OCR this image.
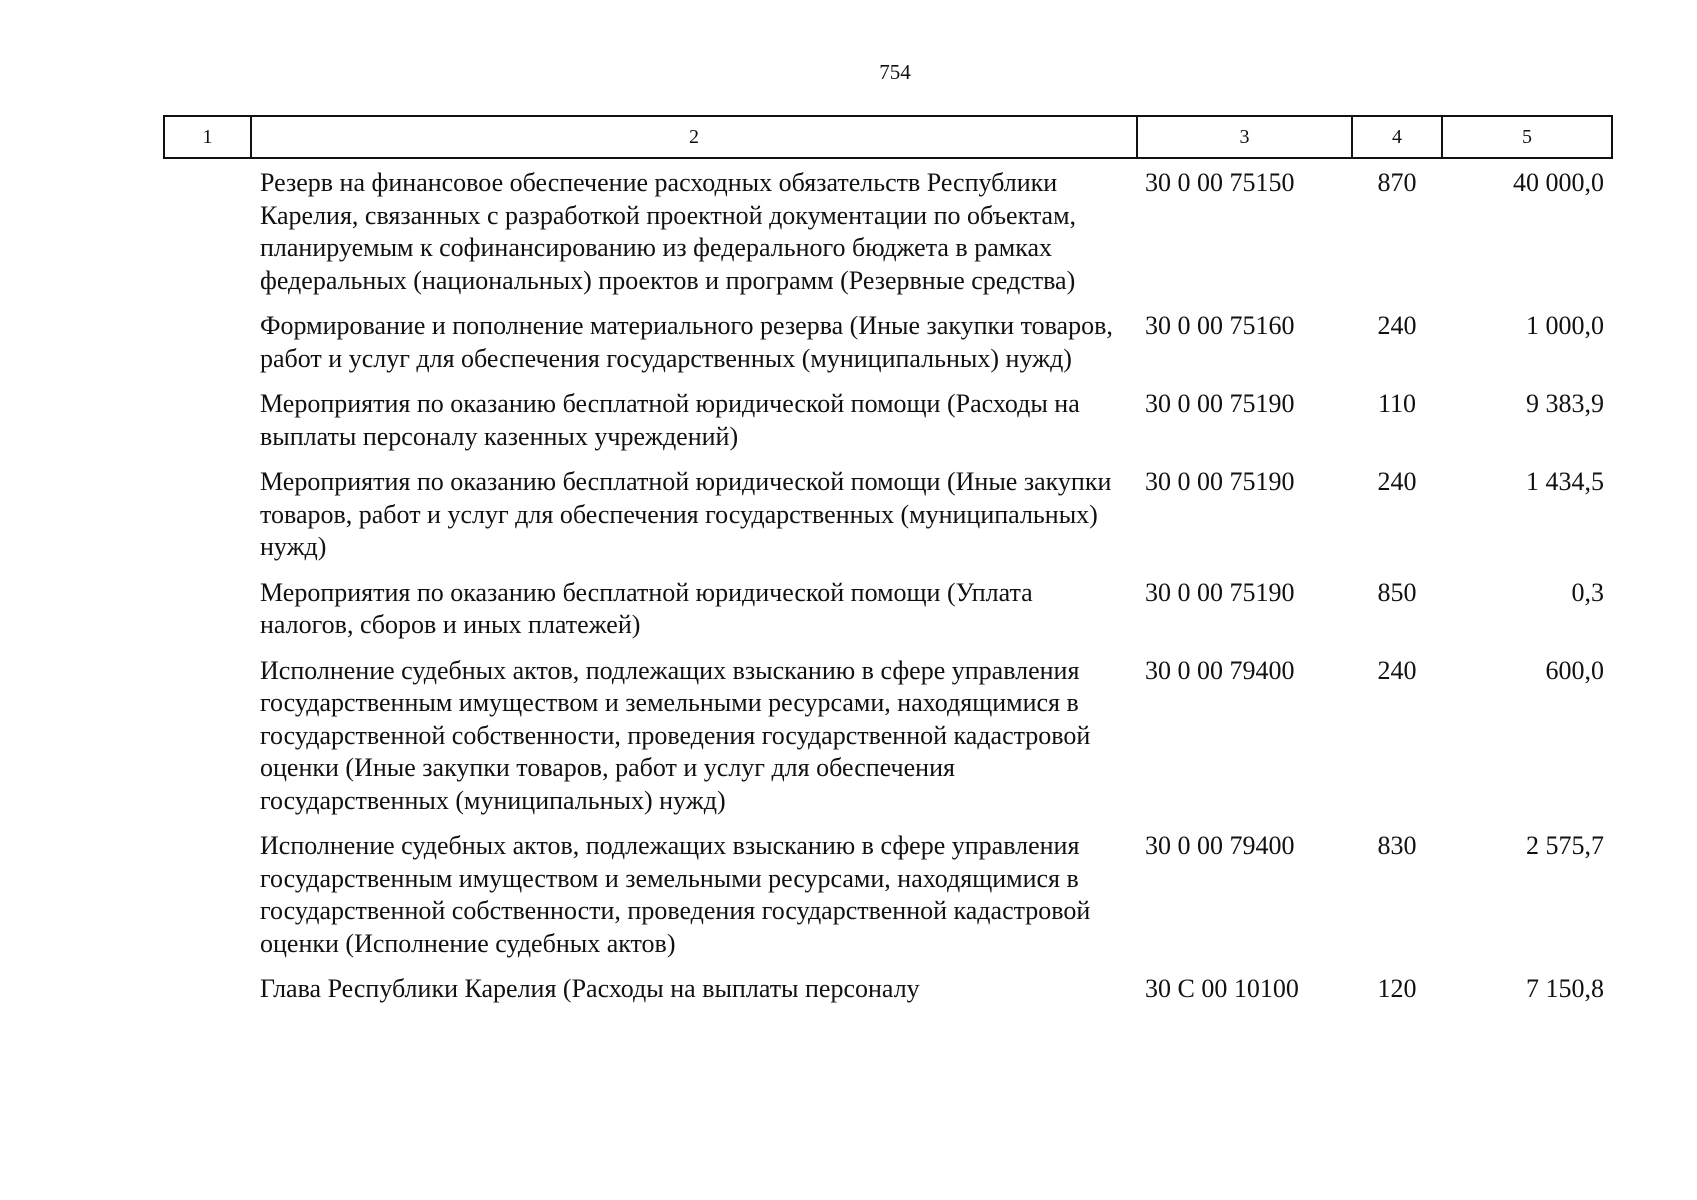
754
1	2	3	4	5
	Резерв на финансовое обеспечение расходных обязательств Республики Карелия, связанных с разработкой проектной документации по объектам, планируемым к софинансированию из федерального бюджета в рамках федеральных (национальных) проектов и программ (Резервные средства)	30 0 00 75150	870	40 000,0

	Формирование и пополнение материального резерва (Иные закупки товаров, работ и услуг для обеспечения государственных (муниципальных) нужд)	30 0 00 75160	240	1 000,0

	Мероприятия по оказанию бесплатной юридической помощи (Расходы на выплаты персоналу казенных учреждений)	30 0 00 75190	110	9 383,9

	Мероприятия по оказанию бесплатной юридической помощи (Иные закупки товаров, работ и услуг для обеспечения государственных (муниципальных) нужд)	30 0 00 75190	240	1 434,5

	Мероприятия по оказанию бесплатной юридической помощи (Уплата налогов, сборов и иных платежей)	30 0 00 75190	850	0,3

	Исполнение судебных актов, подлежащих взысканию в сфере управления государственным имуществом и земельными ресурсами, находящимися в государственной собственности, проведения государственной кадастровой оценки (Иные закупки товаров, работ и услуг для обеспечения государственных (муниципальных) нужд)	30 0 00 79400	240	600,0

	Исполнение судебных актов, подлежащих взысканию в сфере управления государственным имуществом и земельными ресурсами, находящимися в государственной собственности, проведения государственной кадастровой оценки (Исполнение судебных актов)	30 0 00 79400	830	2 575,7

	Глава Республики Карелия (Расходы на выплаты персоналу	30 С 00 10100	120	7 150,8
